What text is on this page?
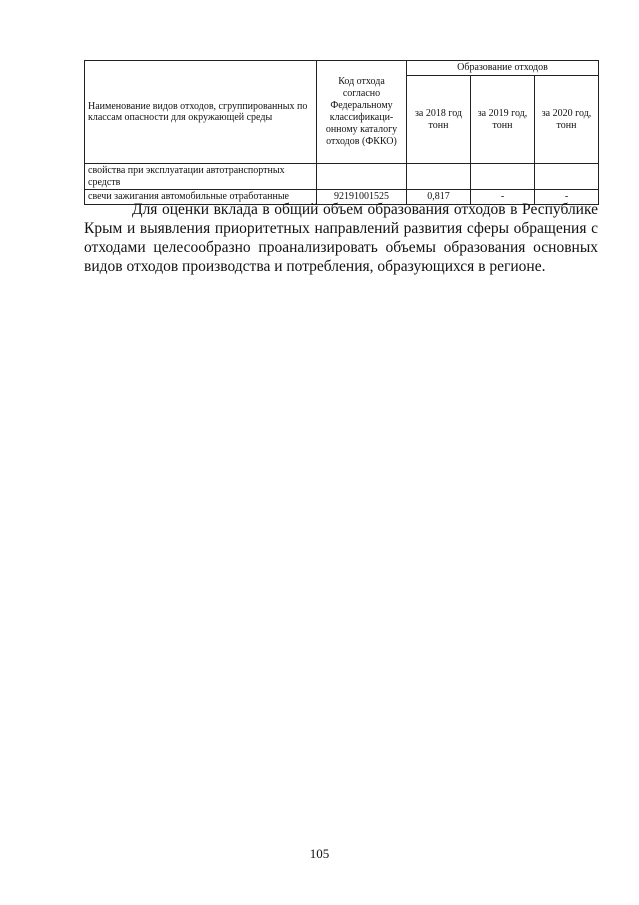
Наименование видов отходов, сгруппированных по классам опасности для окружающей среды	Код отхода согласно Федеральному классификаци-онному каталогу отходов (ФККО)	Образование отходов		
		за 2018 год тонн	за 2019 год, тонн	за 2020 год, тонн
свойства при эксплуатации автотранспортных средств				
свечи зажигания автомобильные отработанные	92191001525	0,817	-	-

Для оценки вклада в общий объем образования отходов в Республике Крым и выявления приоритетных направлений развития сферы обращения с отходами целесообразно проанализировать объемы образования основных видов отходов производства и потребления, образующихся в регионе.

105
